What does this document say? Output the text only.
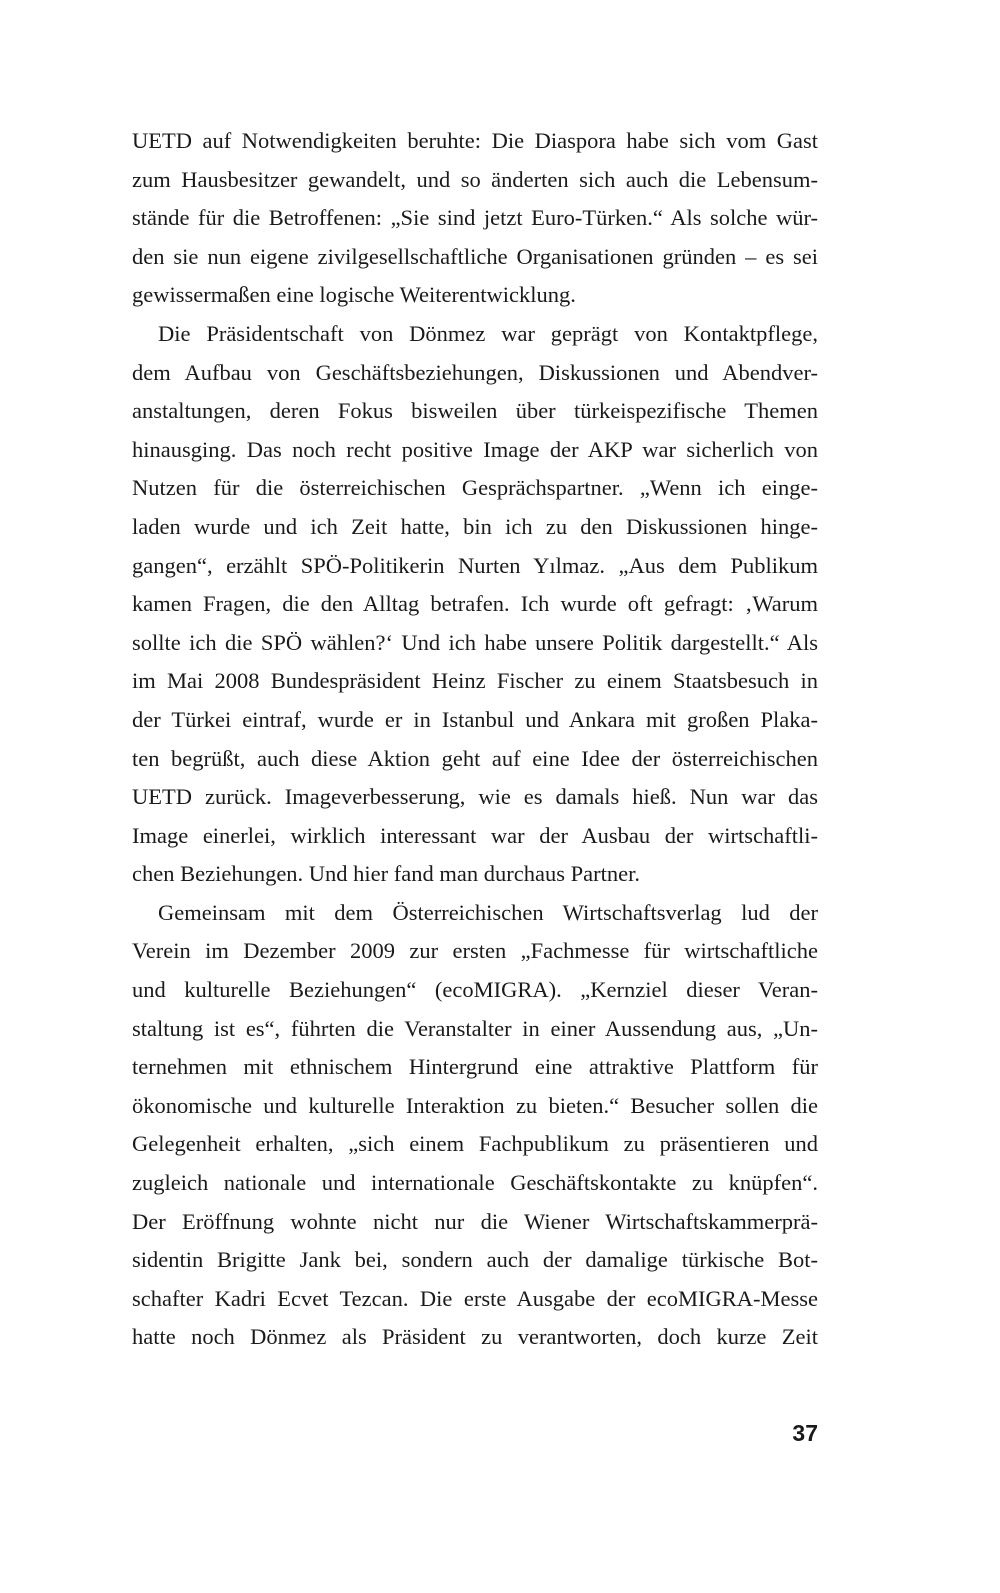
UETD auf Notwendigkeiten beruhte: Die Diaspora habe sich vom Gast
zum Hausbesitzer gewandelt, und so änderten sich auch die Lebensum-
stände für die Betroffenen: „Sie sind jetzt Euro-Türken.“ Als solche wür-
den sie nun eigene zivilgesellschaftliche Organisationen gründen – es sei
gewissermaßen eine logische Weiterentwicklung.
Die Präsidentschaft von Dönmez war geprägt von Kontaktpflege,
dem Aufbau von Geschäftsbeziehungen, Diskussionen und Abendver-
anstaltungen, deren Fokus bisweilen über türkeispezifische Themen
hinausging. Das noch recht positive Image der AKP war sicherlich von
Nutzen für die österreichischen Gesprächspartner. „Wenn ich einge-
laden wurde und ich Zeit hatte, bin ich zu den Diskussionen hinge-
gangen“, erzählt SPÖ-Politikerin Nurten Yılmaz. „Aus dem Publikum
kamen Fragen, die den Alltag betrafen. Ich wurde oft gefragt: ‚Warum
sollte ich die SPÖ wählen?‘ Und ich habe unsere Politik dargestellt.“ Als
im Mai 2008 Bundespräsident Heinz Fischer zu einem Staatsbesuch in
der Türkei eintraf, wurde er in Istanbul und Ankara mit großen Plaka-
ten begrüßt, auch diese Aktion geht auf eine Idee der österreichischen
UETD zurück. Imageverbesserung, wie es damals hieß. Nun war das
Image einerlei, wirklich interessant war der Ausbau der wirtschaftli-
chen Beziehungen. Und hier fand man durchaus Partner.
Gemeinsam mit dem Österreichischen Wirtschaftsverlag lud der
Verein im Dezember 2009 zur ersten „Fachmesse für wirtschaftliche
und kulturelle Beziehungen“ (ecoMIGRA). „Kernziel dieser Veran-
staltung ist es“, führten die Veranstalter in einer Aussendung aus, „Un-
ternehmen mit ethnischem Hintergrund eine attraktive Plattform für
ökonomische und kulturelle Interaktion zu bieten.“ Besucher sollen die
Gelegenheit erhalten, „sich einem Fachpublikum zu präsentieren und
zugleich nationale und internationale Geschäftskontakte zu knüpfen“.
Der Eröffnung wohnte nicht nur die Wiener Wirtschaftskammerprä-
sidentin Brigitte Jank bei, sondern auch der damalige türkische Bot-
schafter Kadri Ecvet Tezcan. Die erste Ausgabe der ecoMIGRA-Messe
hatte noch Dönmez als Präsident zu verantworten, doch kurze Zeit
37
